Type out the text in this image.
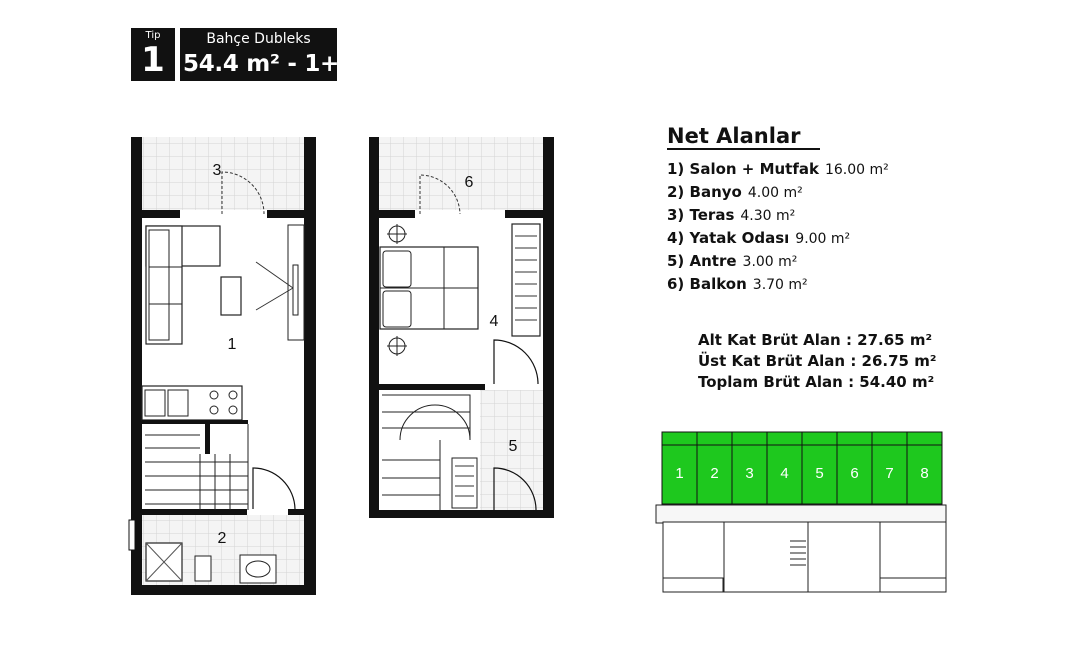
Tip
1
Bahçe Dubleks
54.4 m² - 1+1
3
1
2
6
4
5
1 2 3 4 5 6 7 8
Net Alanlar
1) Salon + Mutfak 16.00 m²
2) Banyo 4.00 m²
3) Teras 4.30 m²
4) Yatak Odası 9.00 m²
5) Antre 3.00 m²
6) Balkon 3.70 m²
Alt Kat Brüt Alan : 27.65 m²
Üst Kat Brüt Alan : 26.75 m²
Toplam Brüt Alan : 54.40 m²
